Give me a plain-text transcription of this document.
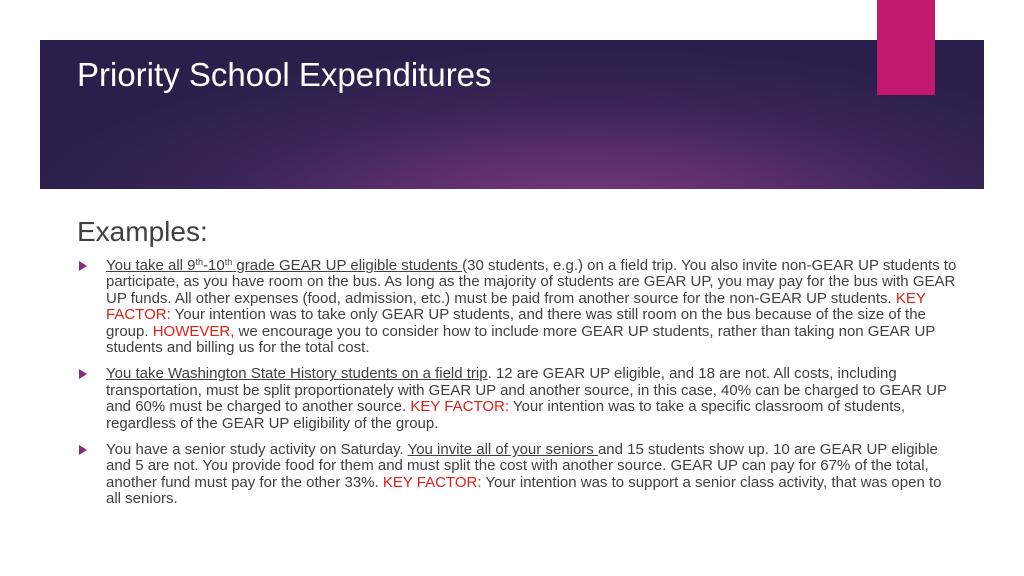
Priority School Expenditures
Examples:
You take all 9th-10th grade GEAR UP eligible students (30 students, e.g.) on a field trip. You also invite non-GEAR UP students to participate, as you have room on the bus. As long as the majority of students are GEAR UP, you may pay for the bus with GEAR UP funds. All other expenses (food, admission, etc.) must be paid from another source for the non-GEAR UP students. KEY FACTOR: Your intention was to take only GEAR UP students, and there was still room on the bus because of the size of the group. HOWEVER, we encourage you to consider how to include more GEAR UP students, rather than taking non GEAR UP students and billing us for the total cost.
You take Washington State History students on a field trip. 12 are GEAR UP eligible, and 18 are not. All costs, including transportation, must be split proportionately with GEAR UP and another source, in this case, 40% can be charged to GEAR UP and 60% must be charged to another source. KEY FACTOR: Your intention was to take a specific classroom of students, regardless of the GEAR UP eligibility of the group.
You have a senior study activity on Saturday. You invite all of your seniors and 15 students show up. 10 are GEAR UP eligible and 5 are not. You provide food for them and must split the cost with another source. GEAR UP can pay for 67% of the total, another fund must pay for the other 33%. KEY FACTOR: Your intention was to support a senior class activity, that was open to all seniors.
